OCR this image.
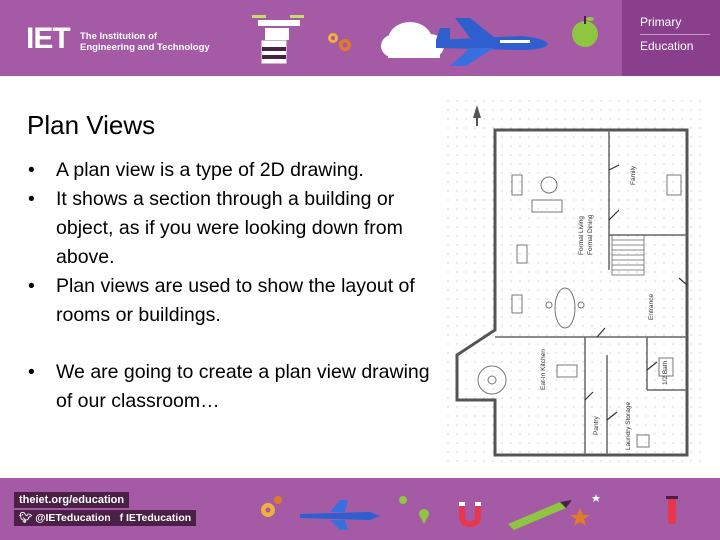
IET The Institution of
Engineering and Technology
Primary
Education
Plan Views
• A plan view is a type of 2D drawing.
• It shows a section through a building or object, as if you were looking down from above.
• Plan views are used to show the layout of rooms or buildings.
• We are going to create a plan view drawing of our classroom…
Family
Formal Living Formal Dining
Entrance
Eat-In Kitchen	1/2 Bath
Pantry	Laundry Storage
theiet.org/education
🐦︎ @IETeducation f IETeducation
